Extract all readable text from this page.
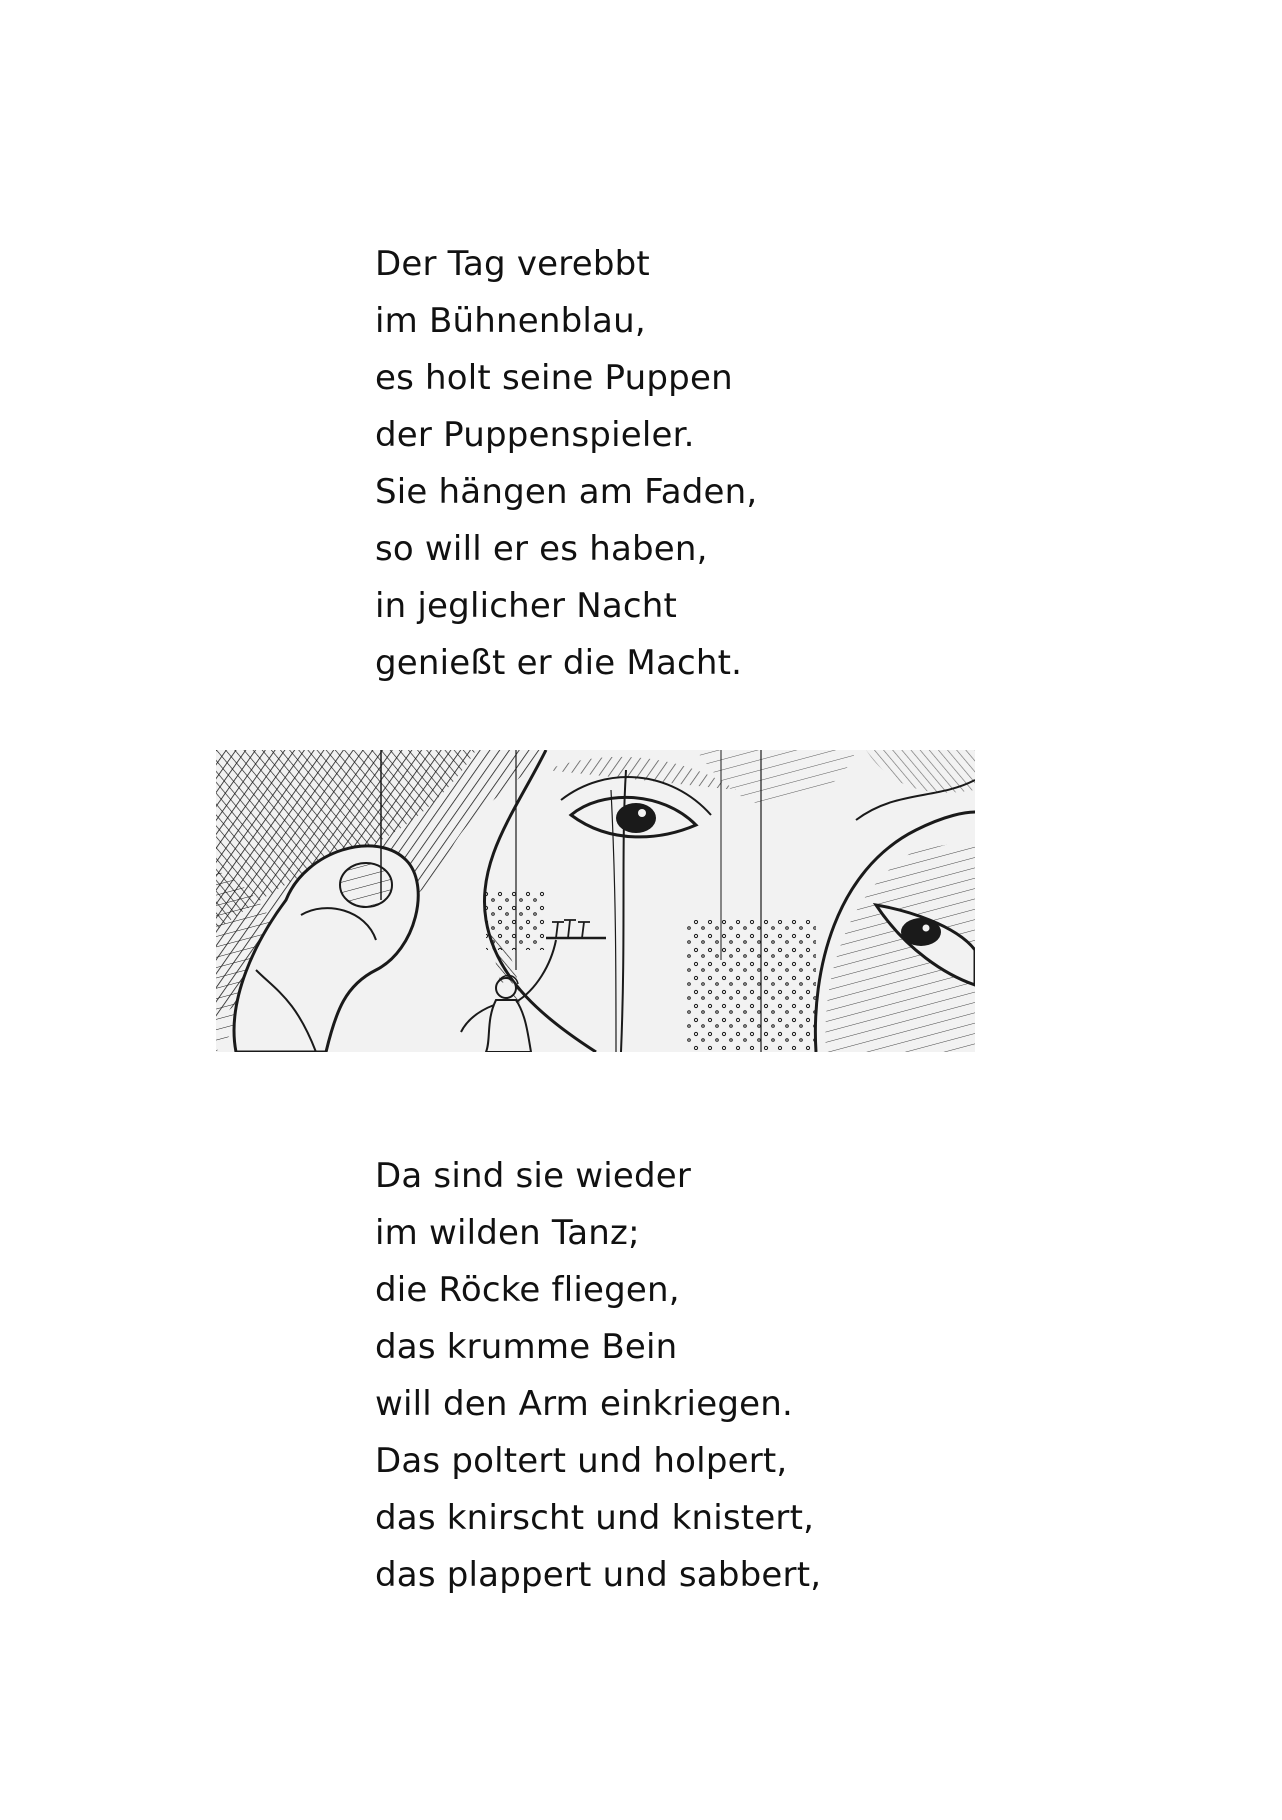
Der Tag verebbt
im Bühnenblau,
es holt seine Puppen
der Puppenspieler.
Sie hängen am Faden,
so will er es haben,
in jeglicher Nacht
genießt er die Macht.
Da sind sie wieder
im wilden Tanz;
die Röcke fliegen,
das krumme Bein
will den Arm einkriegen.
Das poltert und holpert,
das knirscht und knistert,
das plappert und sabbert,
